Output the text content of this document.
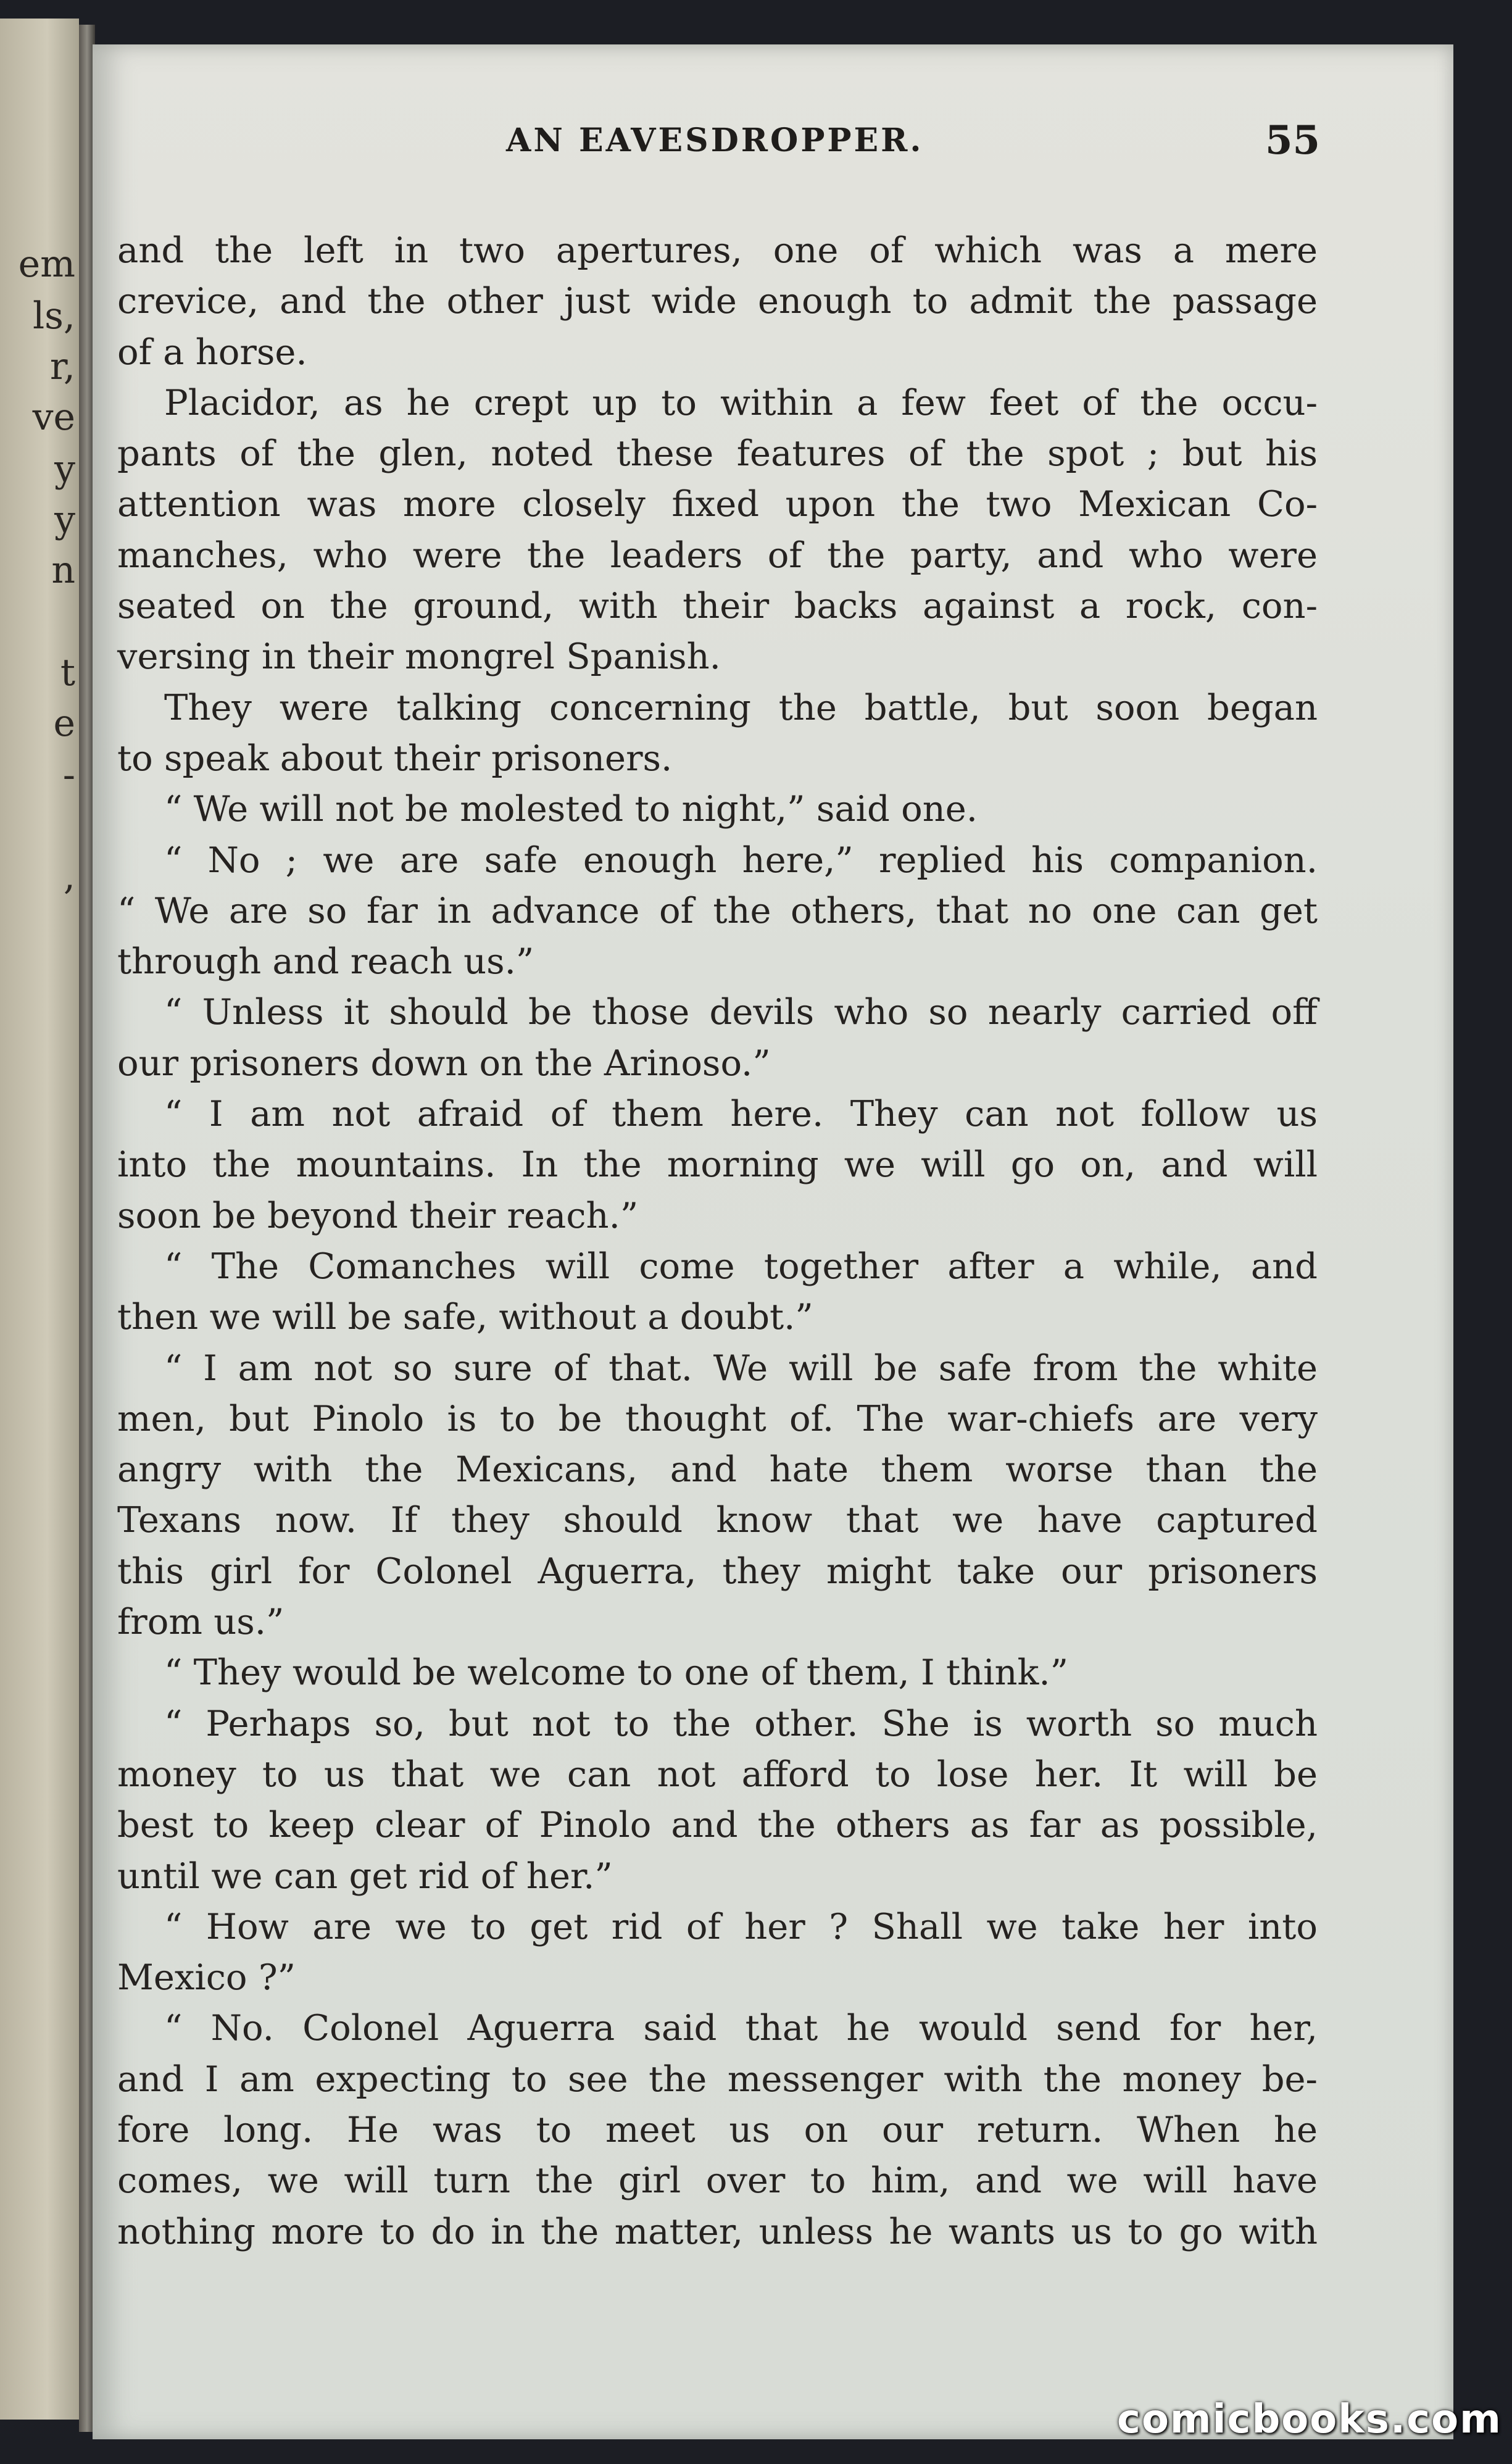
em
ls,
r,
ve
y
y
n
t
e
-
,
AN EAVESDROPPER.	55
and the left in two apertures, one of which was a mere
crevice, and the other just wide enough to admit the passage
of a horse.
Placidor, as he crept up to within a few feet of the occu-
pants of the glen, noted these features of the spot ; but his
attention was more closely fixed upon the two Mexican Co-
manches, who were the leaders of the party, and who were
seated on the ground, with their backs against a rock, con-
versing in their mongrel Spanish.
They were talking concerning the battle, but soon began
to speak about their prisoners.
“ We will not be molested to night,” said one.
“ No ; we are safe enough here,” replied his companion.
“ We are so far in advance of the others, that no one can get
through and reach us.”
“ Unless it should be those devils who so nearly carried off
our prisoners down on the Arinoso.”
“ I am not afraid of them here. They can not follow us
into the mountains. In the morning we will go on, and will
soon be beyond their reach.”
“ The Comanches will come together after a while, and
then we will be safe, without a doubt.”
“ I am not so sure of that. We will be safe from the white
men, but Pinolo is to be thought of. The war-chiefs are very
angry with the Mexicans, and hate them worse than the
Texans now. If they should know that we have captured
this girl for Colonel Aguerra, they might take our prisoners
from us.”
“ They would be welcome to one of them, I think.”
“ Perhaps so, but not to the other. She is worth so much
money to us that we can not afford to lose her. It will be
best to keep clear of Pinolo and the others as far as possible,
until we can get rid of her.”
“ How are we to get rid of her ? Shall we take her into
Mexico ?”
“ No. Colonel Aguerra said that he would send for her,
and I am expecting to see the messenger with the money be-
fore long. He was to meet us on our return. When he
comes, we will turn the girl over to him, and we will have
nothing more to do in the matter, unless he wants us to go with
comicbooks.com
